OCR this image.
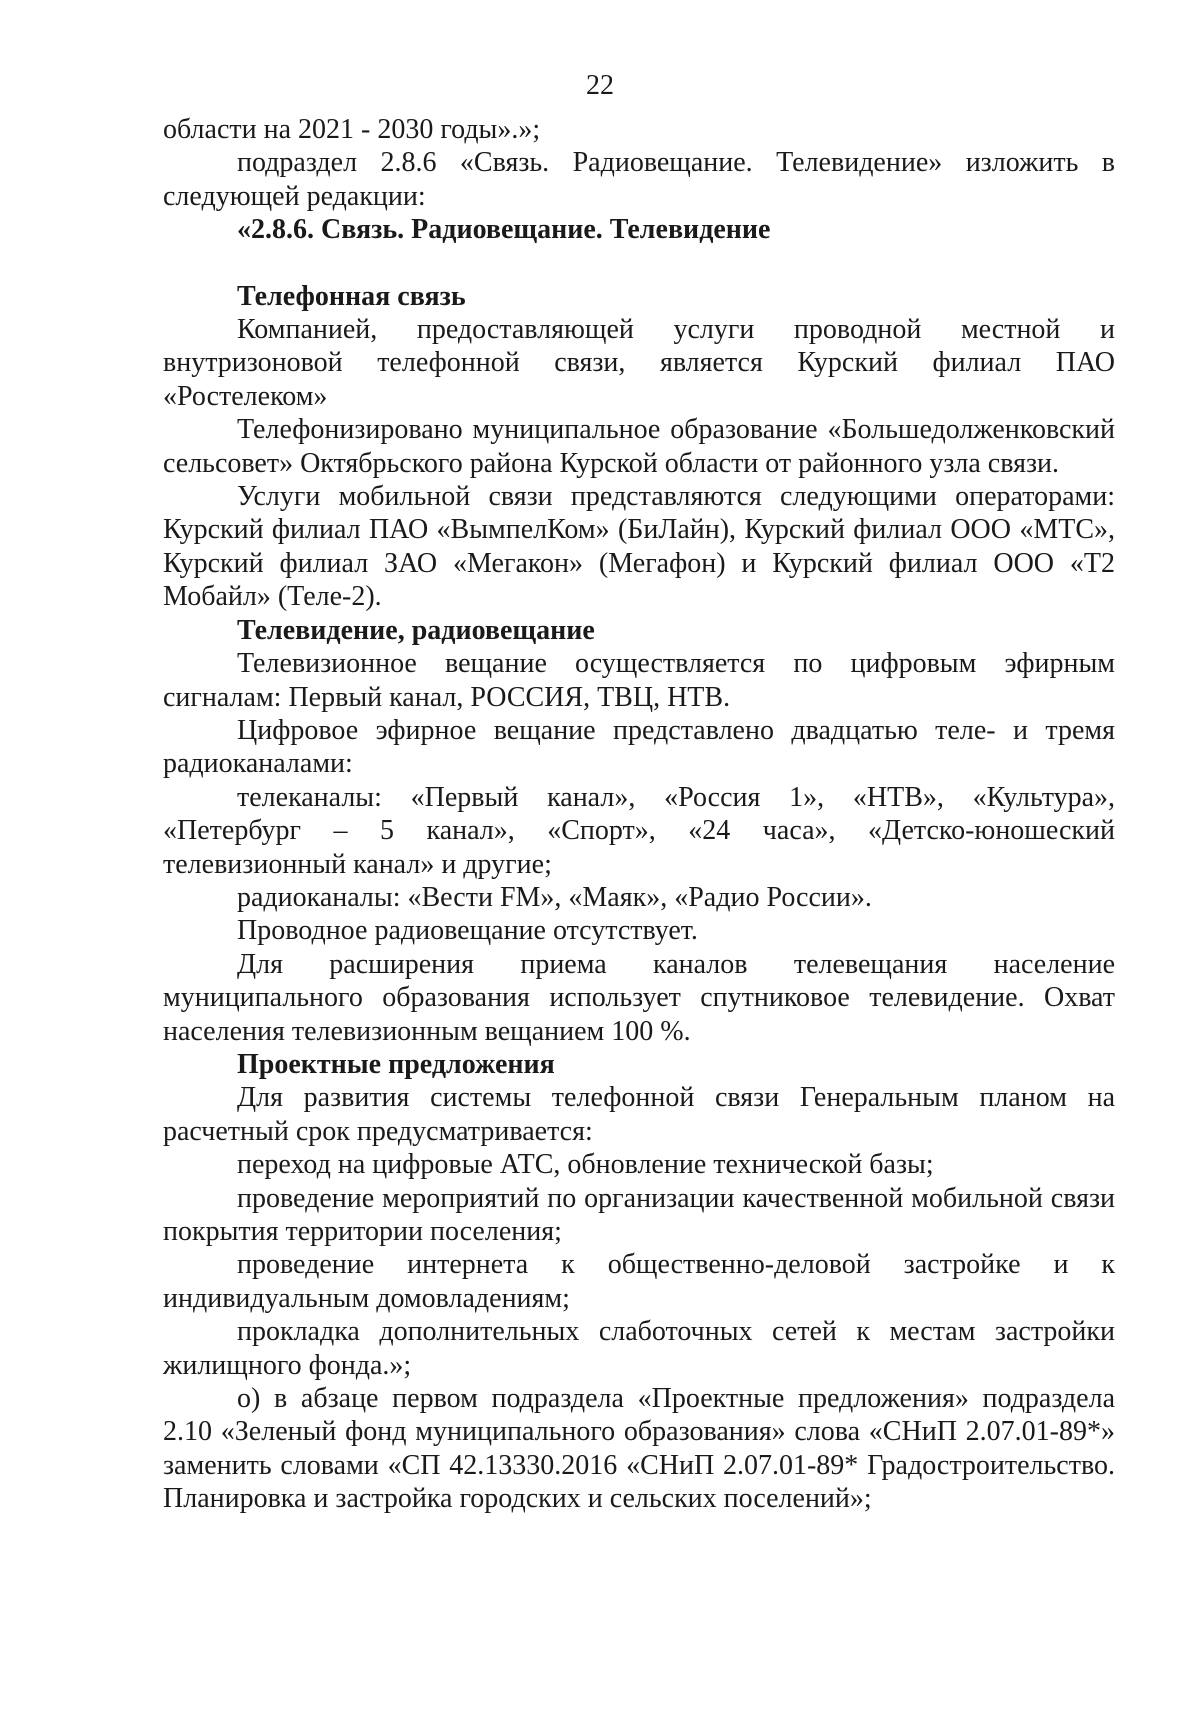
22

области на 2021 - 2030 годы».»;

подраздел 2.8.6 «Связь. Радиовещание. Телевидение» изложить в следующей редакции:

«2.8.6. Связь. Радиовещание. Телевидение

Телефонная связь

Компанией, предоставляющей услуги проводной местной и внутризоновой телефонной связи, является Курский филиал ПАО «Ростелеком»

Телефонизировано муниципальное образование «Большедолженковский сельсовет» Октябрьского района Курской области от районного узла связи.

Услуги мобильной связи представляются следующими операторами: Курский филиал ПАО «ВымпелКом» (БиЛайн), Курский филиал ООО «МТС», Курский филиал ЗАО «Мегакон» (Мегафон) и Курский филиал ООО «Т2 Мобайл» (Теле-2).

Телевидение, радиовещание

Телевизионное вещание осуществляется по цифровым эфирным сигналам: Первый канал, РОССИЯ, ТВЦ, НТВ.

Цифровое эфирное вещание представлено двадцатью теле- и тремя радиоканалами:

телеканалы: «Первый канал», «Россия 1», «НТВ», «Культура», «Петербург – 5 канал», «Спорт», «24 часа», «Детско-юношеский телевизионный канал» и другие;

радиоканалы: «Вести FM», «Маяк», «Радио России».

Проводное радиовещание отсутствует.

Для расширения приема каналов телевещания население муниципального образования использует спутниковое телевидение. Охват населения телевизионным вещанием 100 %.

Проектные предложения

Для развития системы телефонной связи Генеральным планом на расчетный срок предусматривается:

переход на цифровые АТС, обновление технической базы;

проведение мероприятий по организации качественной мобильной связи покрытия территории поселения;

проведение интернета к общественно-деловой застройке и к индивидуальным домовладениям;

прокладка дополнительных слаботочных сетей к местам застройки жилищного фонда.»;

о) в абзаце первом подраздела «Проектные предложения» подраздела 2.10 «Зеленый фонд муниципального образования» слова «СНиП 2.07.01-89*» заменить словами «СП 42.13330.2016 «СНиП 2.07.01-89* Градостроительство. Планировка и застройка городских и сельских поселений»;
